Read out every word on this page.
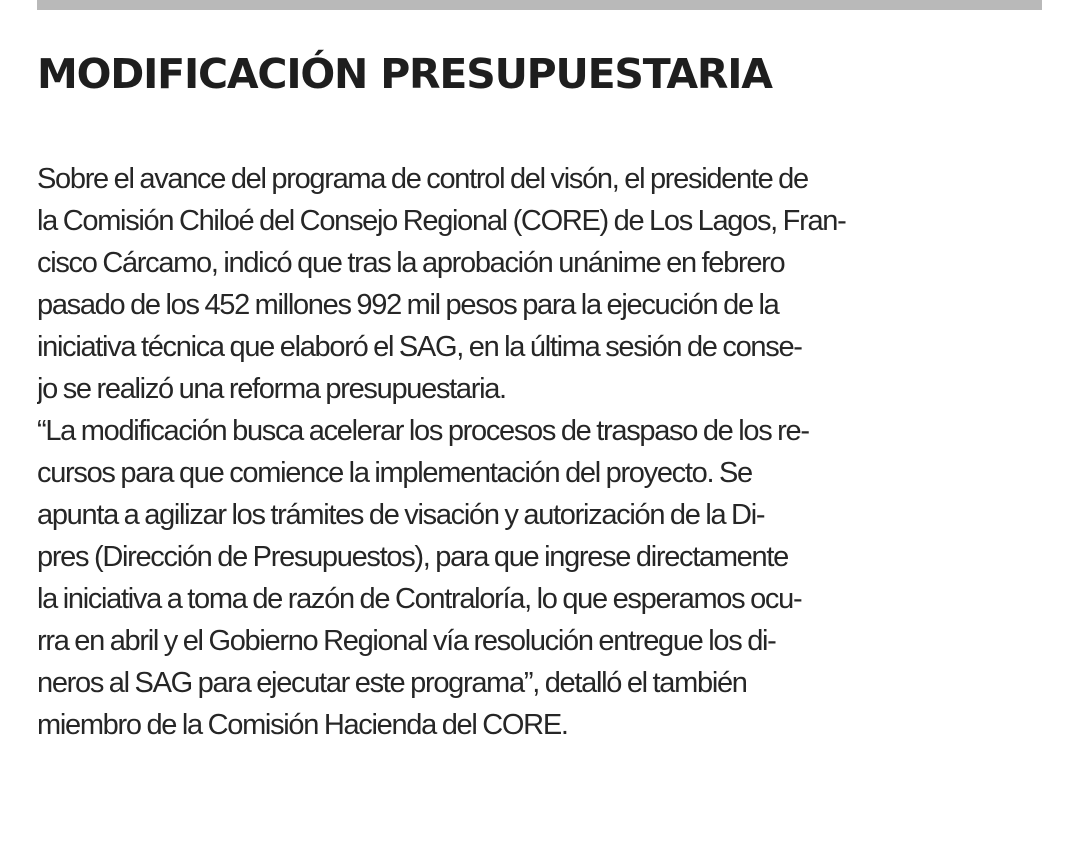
MODIFICACIÓN PRESUPUESTARIA
Sobre el avance del programa de control del visón, el presidente de
la Comisión Chiloé del Consejo Regional (CORE) de Los Lagos, Fran-
cisco Cárcamo, indicó que tras la aprobación unánime en febrero
pasado de los 452 millones 992 mil pesos para la ejecución de la
iniciativa técnica que elaboró el SAG, en la última sesión de conse-
jo se realizó una reforma presupuestaria.
“La modificación busca acelerar los procesos de traspaso de los re-
cursos para que comience la implementación del proyecto. Se
apunta a agilizar los trámites de visación y autorización de la Di-
pres (Dirección de Presupuestos), para que ingrese directamente
la iniciativa a toma de razón de Contraloría, lo que esperamos ocu-
rra en abril y el Gobierno Regional vía resolución entregue los di-
neros al SAG para ejecutar este programa”, detalló el también
miembro de la Comisión Hacienda del CORE.
